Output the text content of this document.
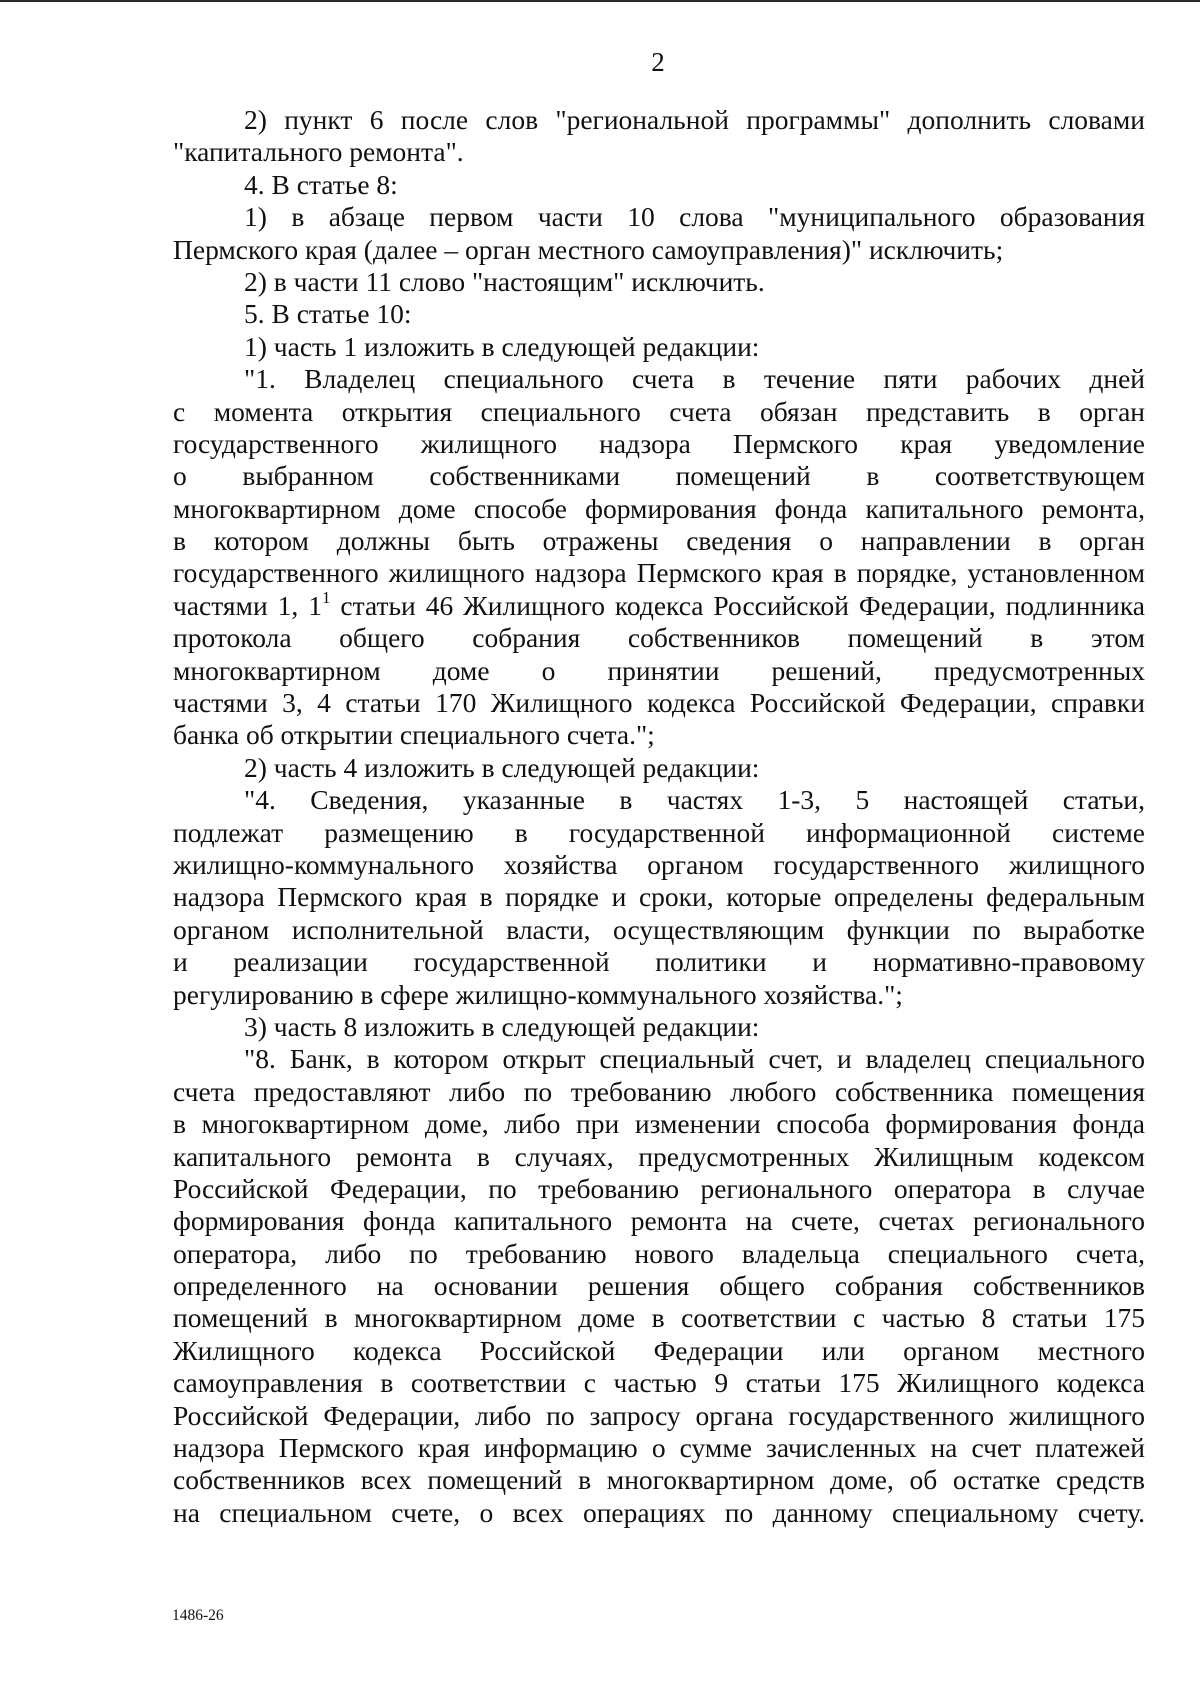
2
2) пункт 6 после слов "региональной программы" дополнить словами
"капитального ремонта".
4. В статье 8:
1) в абзаце первом части 10 слова "муниципального образования
Пермского края (далее – орган местного самоуправления)" исключить;
2) в части 11 слово "настоящим" исключить.
5. В статье 10:
1) часть 1 изложить в следующей редакции:
"1. Владелец специального счета в течение пяти рабочих дней
с момента открытия специального счета обязан представить в орган
государственного жилищного надзора Пермского края уведомление
о выбранном собственниками помещений в соответствующем
многоквартирном доме способе формирования фонда капитального ремонта,
в котором должны быть отражены сведения о направлении в орган
государственного жилищного надзора Пермского края в порядке, установленном
частями 1, $1^1$ статьи 46 Жилищного кодекса Российской Федерации, подлинника
протокола общего собрания собственников помещений в этом
многоквартирном доме о принятии решений, предусмотренных
частями 3, 4 статьи 170 Жилищного кодекса Российской Федерации, справки
банка об открытии специального счета.";
2) часть 4 изложить в следующей редакции:
"4. Сведения, указанные в частях 1-3, 5 настоящей статьи,
подлежат размещению в государственной информационной системе
жилищно-коммунального хозяйства органом государственного жилищного
надзора Пермского края в порядке и сроки, которые определены федеральным
органом исполнительной власти, осуществляющим функции по выработке
и реализации государственной политики и нормативно-правовому
регулированию в сфере жилищно-коммунального хозяйства.";
3) часть 8 изложить в следующей редакции:
"8. Банк, в котором открыт специальный счет, и владелец специального
счета предоставляют либо по требованию любого собственника помещения
в многоквартирном доме, либо при изменении способа формирования фонда
капитального ремонта в случаях, предусмотренных Жилищным кодексом
Российской Федерации, по требованию регионального оператора в случае
формирования фонда капитального ремонта на счете, счетах регионального
оператора, либо по требованию нового владельца специального счета,
определенного на основании решения общего собрания собственников
помещений в многоквартирном доме в соответствии с частью 8 статьи 175
Жилищного кодекса Российской Федерации или органом местного
самоуправления в соответствии с частью 9 статьи 175 Жилищного кодекса
Российской Федерации, либо по запросу органа государственного жилищного
надзора Пермского края информацию о сумме зачисленных на счет платежей
собственников всех помещений в многоквартирном доме, об остатке средств
на специальном счете, о всех операциях по данному специальному счету.
1486-26
